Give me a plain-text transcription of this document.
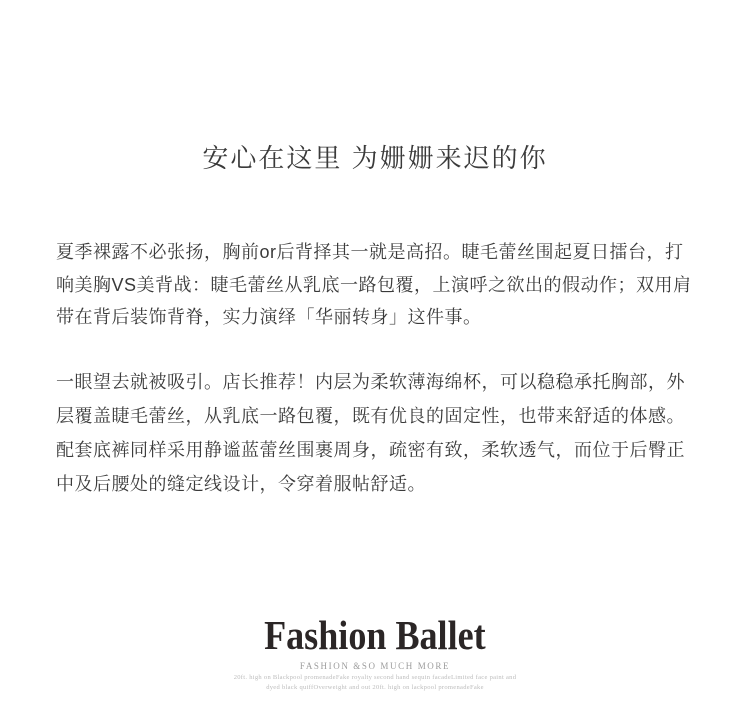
安心在这里 为姗姗来迟的你
夏季裸露不必张扬，胸前or后背择其一就是高招。睫毛蕾丝围起夏日擂台，打
响美胸VS美背战：睫毛蕾丝从乳底一路包覆，上演呼之欲出的假动作；双用肩
带在背后装饰背脊，实力演绎「华丽转身」这件事。
一眼望去就被吸引。店长推荐！内层为柔软薄海绵杯，可以稳稳承托胸部，外
层覆盖睫毛蕾丝，从乳底一路包覆，既有优良的固定性，也带来舒适的体感。
配套底裤同样采用静谧蓝蕾丝围裹周身，疏密有致，柔软透气，而位于后臀正
中及后腰处的缝定线设计，令穿着服帖舒适。
Fashion Ballet
FASHION &SO MUCH MORE
20ft. high on Blackpool promenadeFake royalty second hand sequin facadeLimited face paint and
dyed black quiffOverweight and out 20ft. high on lackpool promenadeFake
